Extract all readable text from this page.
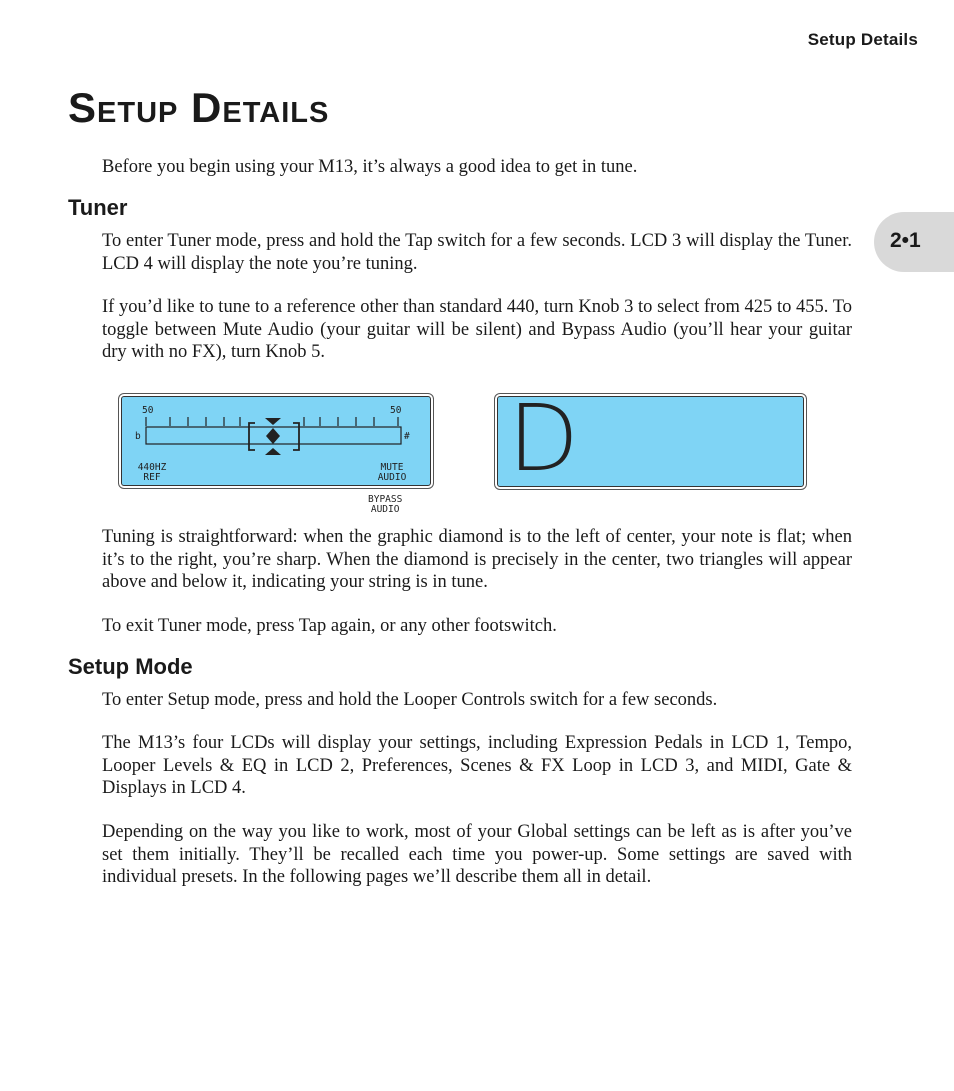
Setup Details
2•1
Setup Details

Before you begin using your M13, it’s always a good idea to get in tune.

Tuner

To enter Tuner mode, press and hold the Tap switch for a few seconds. LCD 3 will display the Tuner. LCD 4 will display the note you’re tuning.

If you’d like to tune to a reference other than standard 440, turn Knob 3 to select from 425 to 455. To toggle between Mute Audio (your guitar will be silent) and Bypass Audio (you’ll hear your guitar dry with no FX), turn Knob 5.

50	50
b	#
440HZ
REF
MUTE
AUDIO
BYPASS
AUDIO
D

Tuning is straightforward: when the graphic diamond is to the left of center, your note is flat; when it’s to the right, you’re sharp. When the diamond is precisely in the center, two triangles will appear above and below it, indicating your string is in tune.

To exit Tuner mode, press Tap again, or any other footswitch.

Setup Mode

To enter Setup mode, press and hold the Looper Controls switch for a few seconds.

The M13’s four LCDs will display your settings, including Expression Pedals in LCD 1, Tempo, Looper Levels & EQ in LCD 2, Preferences, Scenes & FX Loop in LCD 3, and MIDI, Gate & Displays in LCD 4.

Depending on the way you like to work, most of your Global settings can be left as is after you’ve set them initially. They’ll be recalled each time you power-up. Some settings are saved with individual presets. In the following pages we’ll describe them all in detail.
